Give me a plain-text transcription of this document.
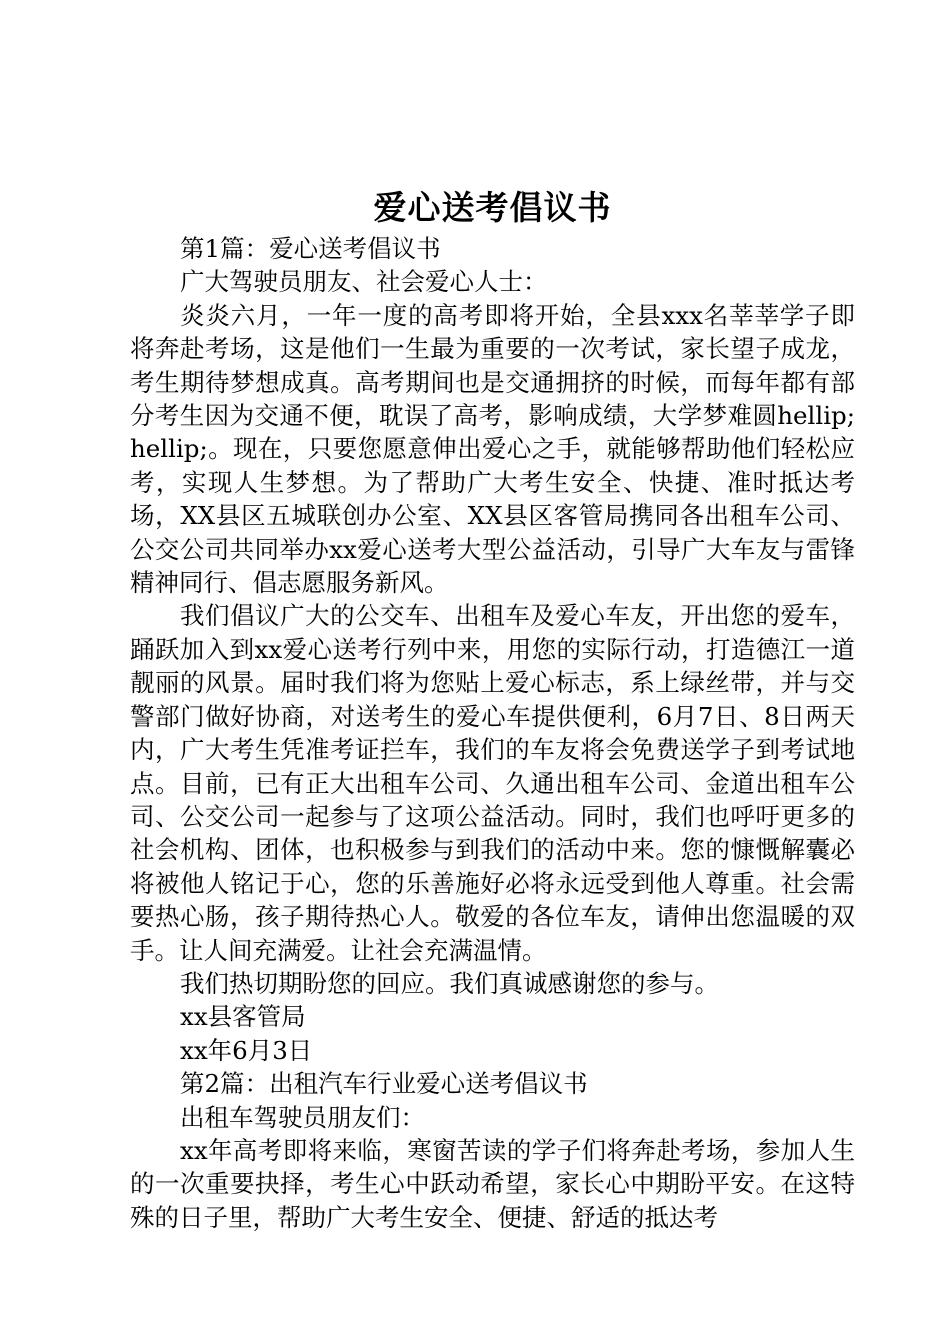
爱心送考倡议书

第1篇：爱心送考倡议书

广大驾驶员朋友、社会爱心人士：

炎炎六月，一年一度的高考即将开始，全县xxx名莘莘学子即将奔赴考场，这是他们一生最为重要的一次考试，家长望子成龙，考生期待梦想成真。高考期间也是交通拥挤的时候，而每年都有部分考生因为交通不便，耽误了高考，影响成绩，大学梦难圆hellip;hellip;。现在，只要您愿意伸出爱心之手，就能够帮助他们轻松应考，实现人生梦想。为了帮助广大考生安全、快捷、准时抵达考场，XX县区五城联创办公室、XX县区客管局携同各出租车公司、公交公司共同举办xx爱心送考大型公益活动，引导广大车友与雷锋精神同行、倡志愿服务新风。

我们倡议广大的公交车、出租车及爱心车友，开出您的爱车，踊跃加入到xx爱心送考行列中来，用您的实际行动，打造德江一道靓丽的风景。届时我们将为您贴上爱心标志，系上绿丝带，并与交警部门做好协商，对送考生的爱心车提供便利，6月7日、8日两天内，广大考生凭准考证拦车，我们的车友将会免费送学子到考试地点。目前，已有正大出租车公司、久通出租车公司、金道出租车公司、公交公司一起参与了这项公益活动。同时，我们也呼吁更多的社会机构、团体，也积极参与到我们的活动中来。您的慷慨解囊必将被他人铭记于心，您的乐善施好必将永远受到他人尊重。社会需要热心肠，孩子期待热心人。敬爱的各位车友，请伸出您温暖的双手。让人间充满爱。让社会充满温情。

我们热切期盼您的回应。我们真诚感谢您的参与。

xx县客管局

xx年6月3日

第2篇：出租汽车行业爱心送考倡议书

出租车驾驶员朋友们：

xx年高考即将来临，寒窗苦读的学子们将奔赴考场，参加人生的一次重要抉择，考生心中跃动希望，家长心中期盼平安。在这特殊的日子里，帮助广大考生安全、便捷、舒适的抵达考
